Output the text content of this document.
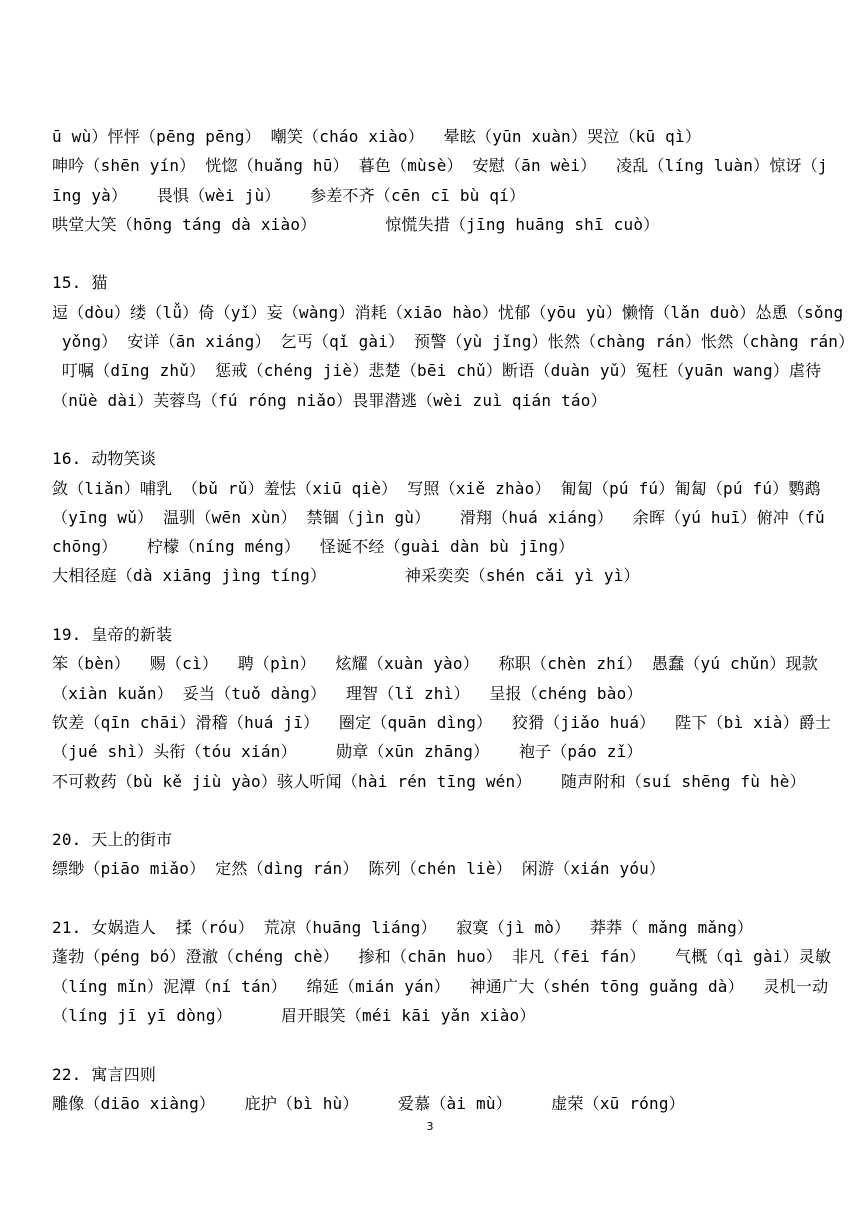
ū wù）怦怦（pēng pēng） 嘲笑（cháo xiào）  晕眩（yūn xuàn）哭泣（kū qì）
呻吟（shēn yín） 恍惚（huǎng hū） 暮色（mùsè） 安慰（ān wèi）  凌乱（líng luàn）惊讶（j
īng yà）   畏惧（wèi jù）   参差不齐（cēn cī bù qí）
哄堂大笑（hōng táng dà xiào）       惊慌失措（jīng huāng shī cuò）
15. 猫
逗（dòu）缕（lǚ）倚（yǐ）妄（wàng）消耗（xiāo hào）忧郁（yōu yù）懒惰（lǎn duò）怂恿（sǒng
yǒng） 安详（ān xiáng） 乞丐（qǐ gài） 预警（yù jǐng）怅然（chàng rán）怅然（chàng rán）
叮嘱（dīng zhǔ） 惩戒（chéng jiè）悲楚（bēi chǔ）断语（duàn yǔ）冤枉（yuān wang）虐待
（nüè dài）芙蓉鸟（fú róng niǎo）畏罪潜逃（wèi zuì qián táo）
16. 动物笑谈
敛（liǎn）哺乳 （bǔ rǔ）羞怯（xiū qiè） 写照（xiě zhào） 匍匐（pú fú）匍匐（pú fú）鹦鹉
（yīng wǔ） 温驯（wēn xùn） 禁锢（jìn gù）   滑翔（huá xiáng）  余晖（yú huī）俯冲（fǔ
chōng）   柠檬（níng méng）  怪诞不经（guài dàn bù jīng）
大相径庭（dà xiāng jìng tíng）        神采奕奕（shén cǎi yì yì）
19. 皇帝的新装
笨（bèn）  赐（cì）  聘（pìn）  炫耀（xuàn yào）  称职（chèn zhí） 愚蠢（yú chǔn）现款
（xiàn kuǎn） 妥当（tuǒ dàng）  理智（lǐ zhì）  呈报（chéng bào）
钦差（qīn chāi）滑稽（huá jī）  圈定（quān dìng）  狡猾（jiǎo huá）  陛下（bì xià）爵士
（jué shì）头衔（tóu xián）    勋章（xūn zhāng）   袍子（páo zǐ）
不可救药（bù kě jiù yào）骇人听闻（hài rén tīng wén）   随声附和（suí shēng fù hè）
20. 天上的街市
缥缈（piāo miǎo） 定然（dìng rán） 陈列（chén liè） 闲游（xián yóu）
21. 女娲造人  揉（róu） 荒凉（huāng liáng）  寂寞（jì mò）  莽莽（ mǎng mǎng）
蓬勃（péng bó）澄澈（chéng chè）  掺和（chān huo） 非凡（fēi fán）   气概（qì gài）灵敏
（líng mǐn）泥潭（ní tán）  绵延（mián yán）  神通广大（shén tōng guǎng dà）  灵机一动
（líng jī yī dòng）     眉开眼笑（méi kāi yǎn xiào）
22. 寓言四则
雕像（diāo xiàng）   庇护（bì hù）    爱慕（ài mù）    虚荣（xū róng）
3
